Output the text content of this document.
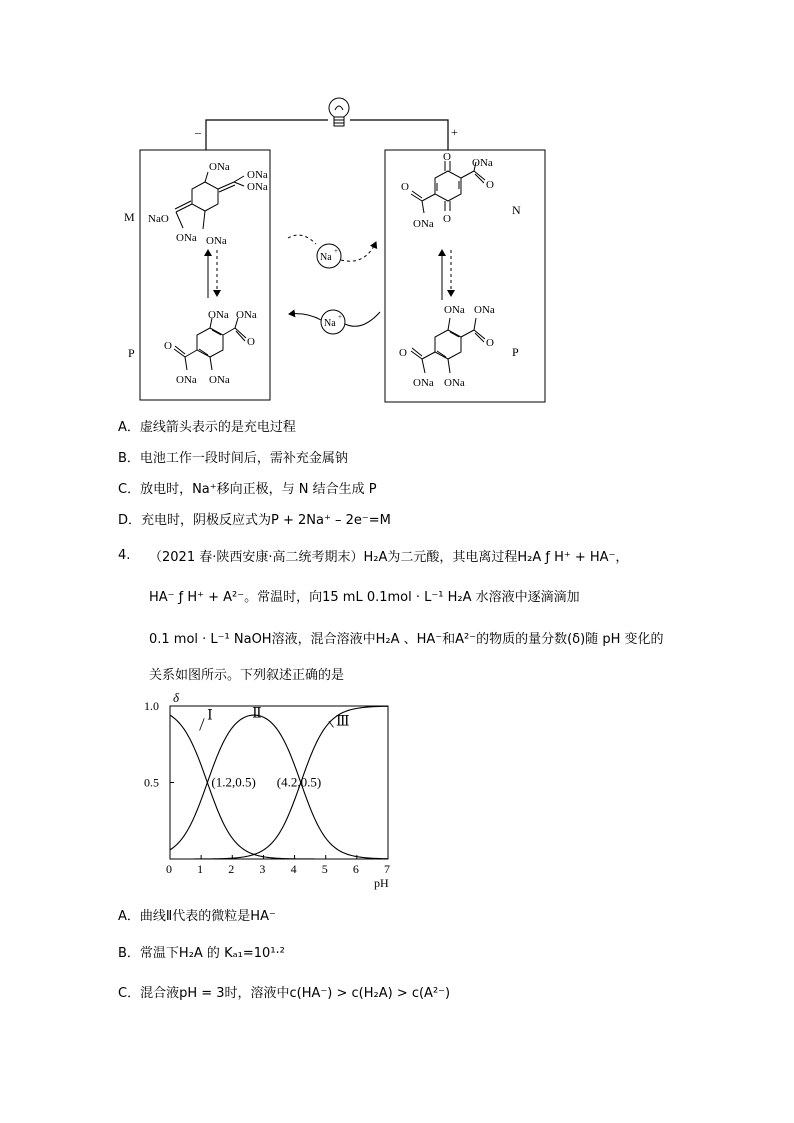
–	+
M	N
P	P
ONa
ONa
ONa
NaO
ONa ONa
ONa ONa
O
O
ONa ONa
O ONa
O
O
O
ONa
ONa ONa
O
O
ONa ONa
Na
+
Na
+
A．虚线箭头表示的是充电过程
B．电池工作一段时间后，需补充金属钠
C．放电时，Na⁺移向正极，与 N 结合生成 P
D．充电时，阴极反应式为P + 2Na⁺ – 2e⁻=M
4. （2021 春·陕西安康·高二统考期末）H₂A为二元酸，其电离过程H₂A ƒ H⁺ + HA⁻，
HA⁻ ƒ H⁺ + A²⁻。常温时，向15 mL 0.1mol · L⁻¹ H₂A 水溶液中逐滴滴加
0.1 mol · L⁻¹ NaOH溶液，混合溶液中H₂A 、HA⁻和A²⁻的物质的量分数(δ)随 pH 变化的
关系如图所示。下列叙述正确的是
0 1 2 3 4 5 6 7
0.5
1.0
δ
pH
Ⅰ	Ⅱ
Ⅲ
(1.2,0.5) (4.2,0.5)
A．曲线Ⅱ代表的微粒是HA⁻
B．常温下H₂A 的 Kₐ₁=10¹·²
C．混合液pH = 3时，溶液中c(HA⁻) > c(H₂A) > c(A²⁻)
